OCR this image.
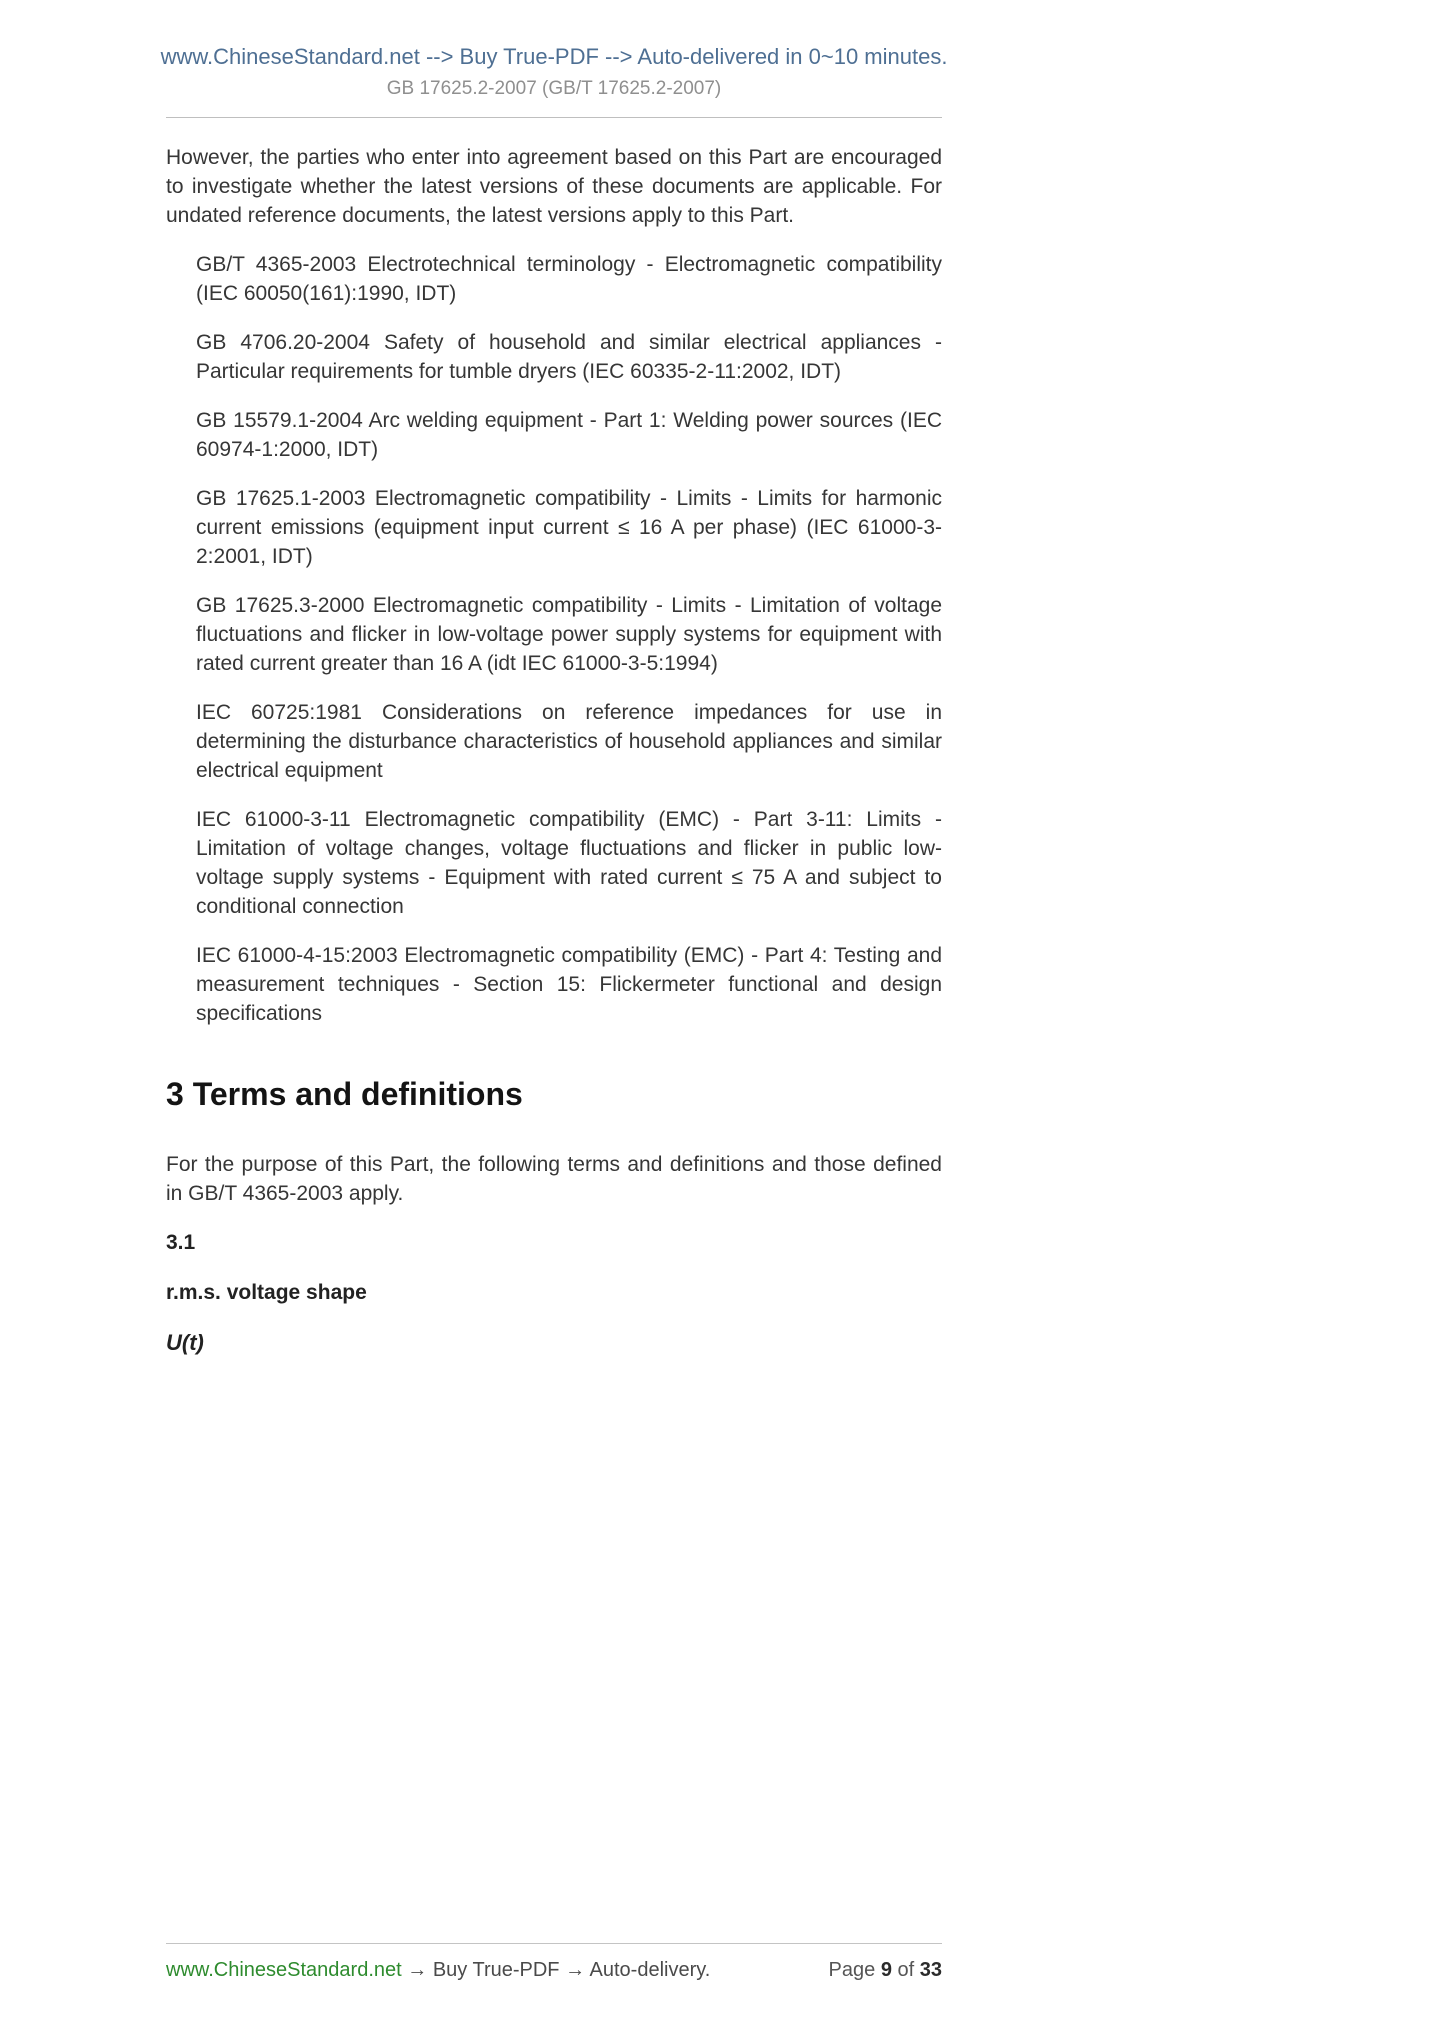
www.ChineseStandard.net --> Buy True-PDF --> Auto-delivered in 0~10 minutes.
GB 17625.2-2007 (GB/T 17625.2-2007)

However, the parties who enter into agreement based on this Part are encouraged to investigate whether the latest versions of these documents are applicable. For undated reference documents, the latest versions apply to this Part.

GB/T 4365-2003 Electrotechnical terminology - Electromagnetic compatibility (IEC 60050(161):1990, IDT)

GB 4706.20-2004 Safety of household and similar electrical appliances - Particular requirements for tumble dryers (IEC 60335-2-11:2002, IDT)

GB 15579.1-2004 Arc welding equipment - Part 1: Welding power sources (IEC 60974-1:2000, IDT)

GB 17625.1-2003 Electromagnetic compatibility - Limits - Limits for harmonic current emissions (equipment input current ≤ 16 A per phase) (IEC 61000-3-2:2001, IDT)

GB 17625.3-2000 Electromagnetic compatibility - Limits - Limitation of voltage fluctuations and flicker in low-voltage power supply systems for equipment with rated current greater than 16 A (idt IEC 61000-3-5:1994)

IEC 60725:1981 Considerations on reference impedances for use in determining the disturbance characteristics of household appliances and similar electrical equipment

IEC 61000-3-11 Electromagnetic compatibility (EMC) - Part 3-11: Limits - Limitation of voltage changes, voltage fluctuations and flicker in public low-voltage supply systems - Equipment with rated current ≤ 75 A and subject to conditional connection

IEC 61000-4-15:2003 Electromagnetic compatibility (EMC) - Part 4: Testing and measurement techniques - Section 15: Flickermeter functional and design specifications

3 Terms and definitions

For the purpose of this Part, the following terms and definitions and those defined in GB/T 4365-2003 apply.

3.1

r.m.s. voltage shape

U(t)

www.ChineseStandard.net → Buy True-PDF → Auto-delivery.	Page 9 of 33
